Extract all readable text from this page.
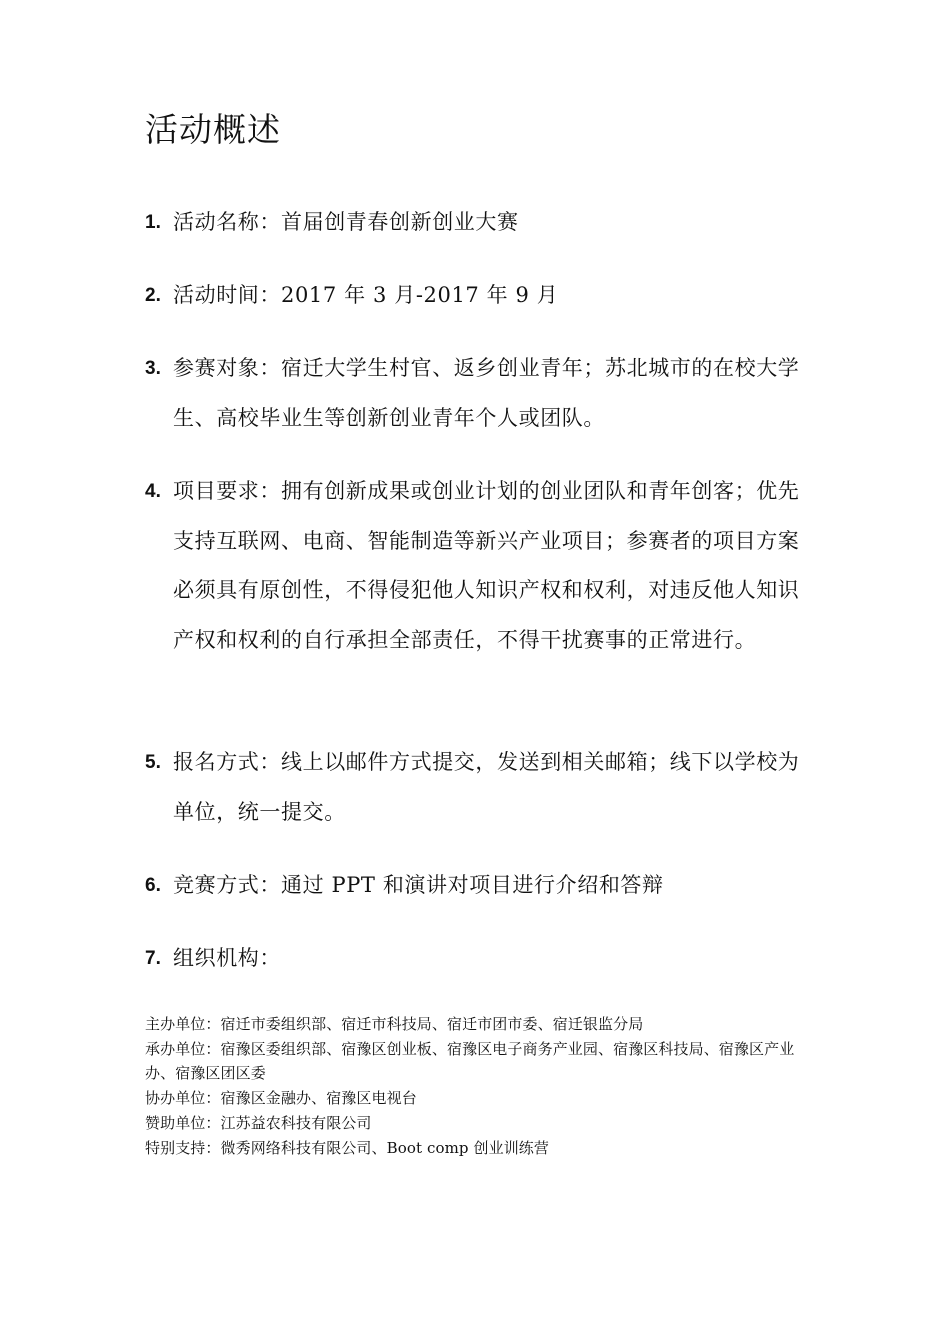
活动概述
1. 活动名称：首届创青春创新创业大赛
2. 活动时间：2017 年 3 月-2017 年 9 月
3. 参赛对象：宿迁大学生村官、返乡创业青年；苏北城市的在校大学生、高校毕业生等创新创业青年个人或团队。
4. 项目要求：拥有创新成果或创业计划的创业团队和青年创客；优先支持互联网、电商、智能制造等新兴产业项目；参赛者的项目方案必须具有原创性，不得侵犯他人知识产权和权利，对违反他人知识产权和权利的自行承担全部责任，不得干扰赛事的正常进行。
5. 报名方式：线上以邮件方式提交，发送到相关邮箱；线下以学校为单位，统一提交。
6. 竞赛方式：通过 PPT 和演讲对项目进行介绍和答辩
7. 组织机构：
主办单位：宿迁市委组织部、宿迁市科技局、宿迁市团市委、宿迁银监分局
承办单位：宿豫区委组织部、宿豫区创业板、宿豫区电子商务产业园、宿豫区科技局、宿豫区产业办、宿豫区团区委
协办单位：宿豫区金融办、宿豫区电视台
赞助单位：江苏益农科技有限公司
特别支持：微秀网络科技有限公司、Boot comp 创业训练营
